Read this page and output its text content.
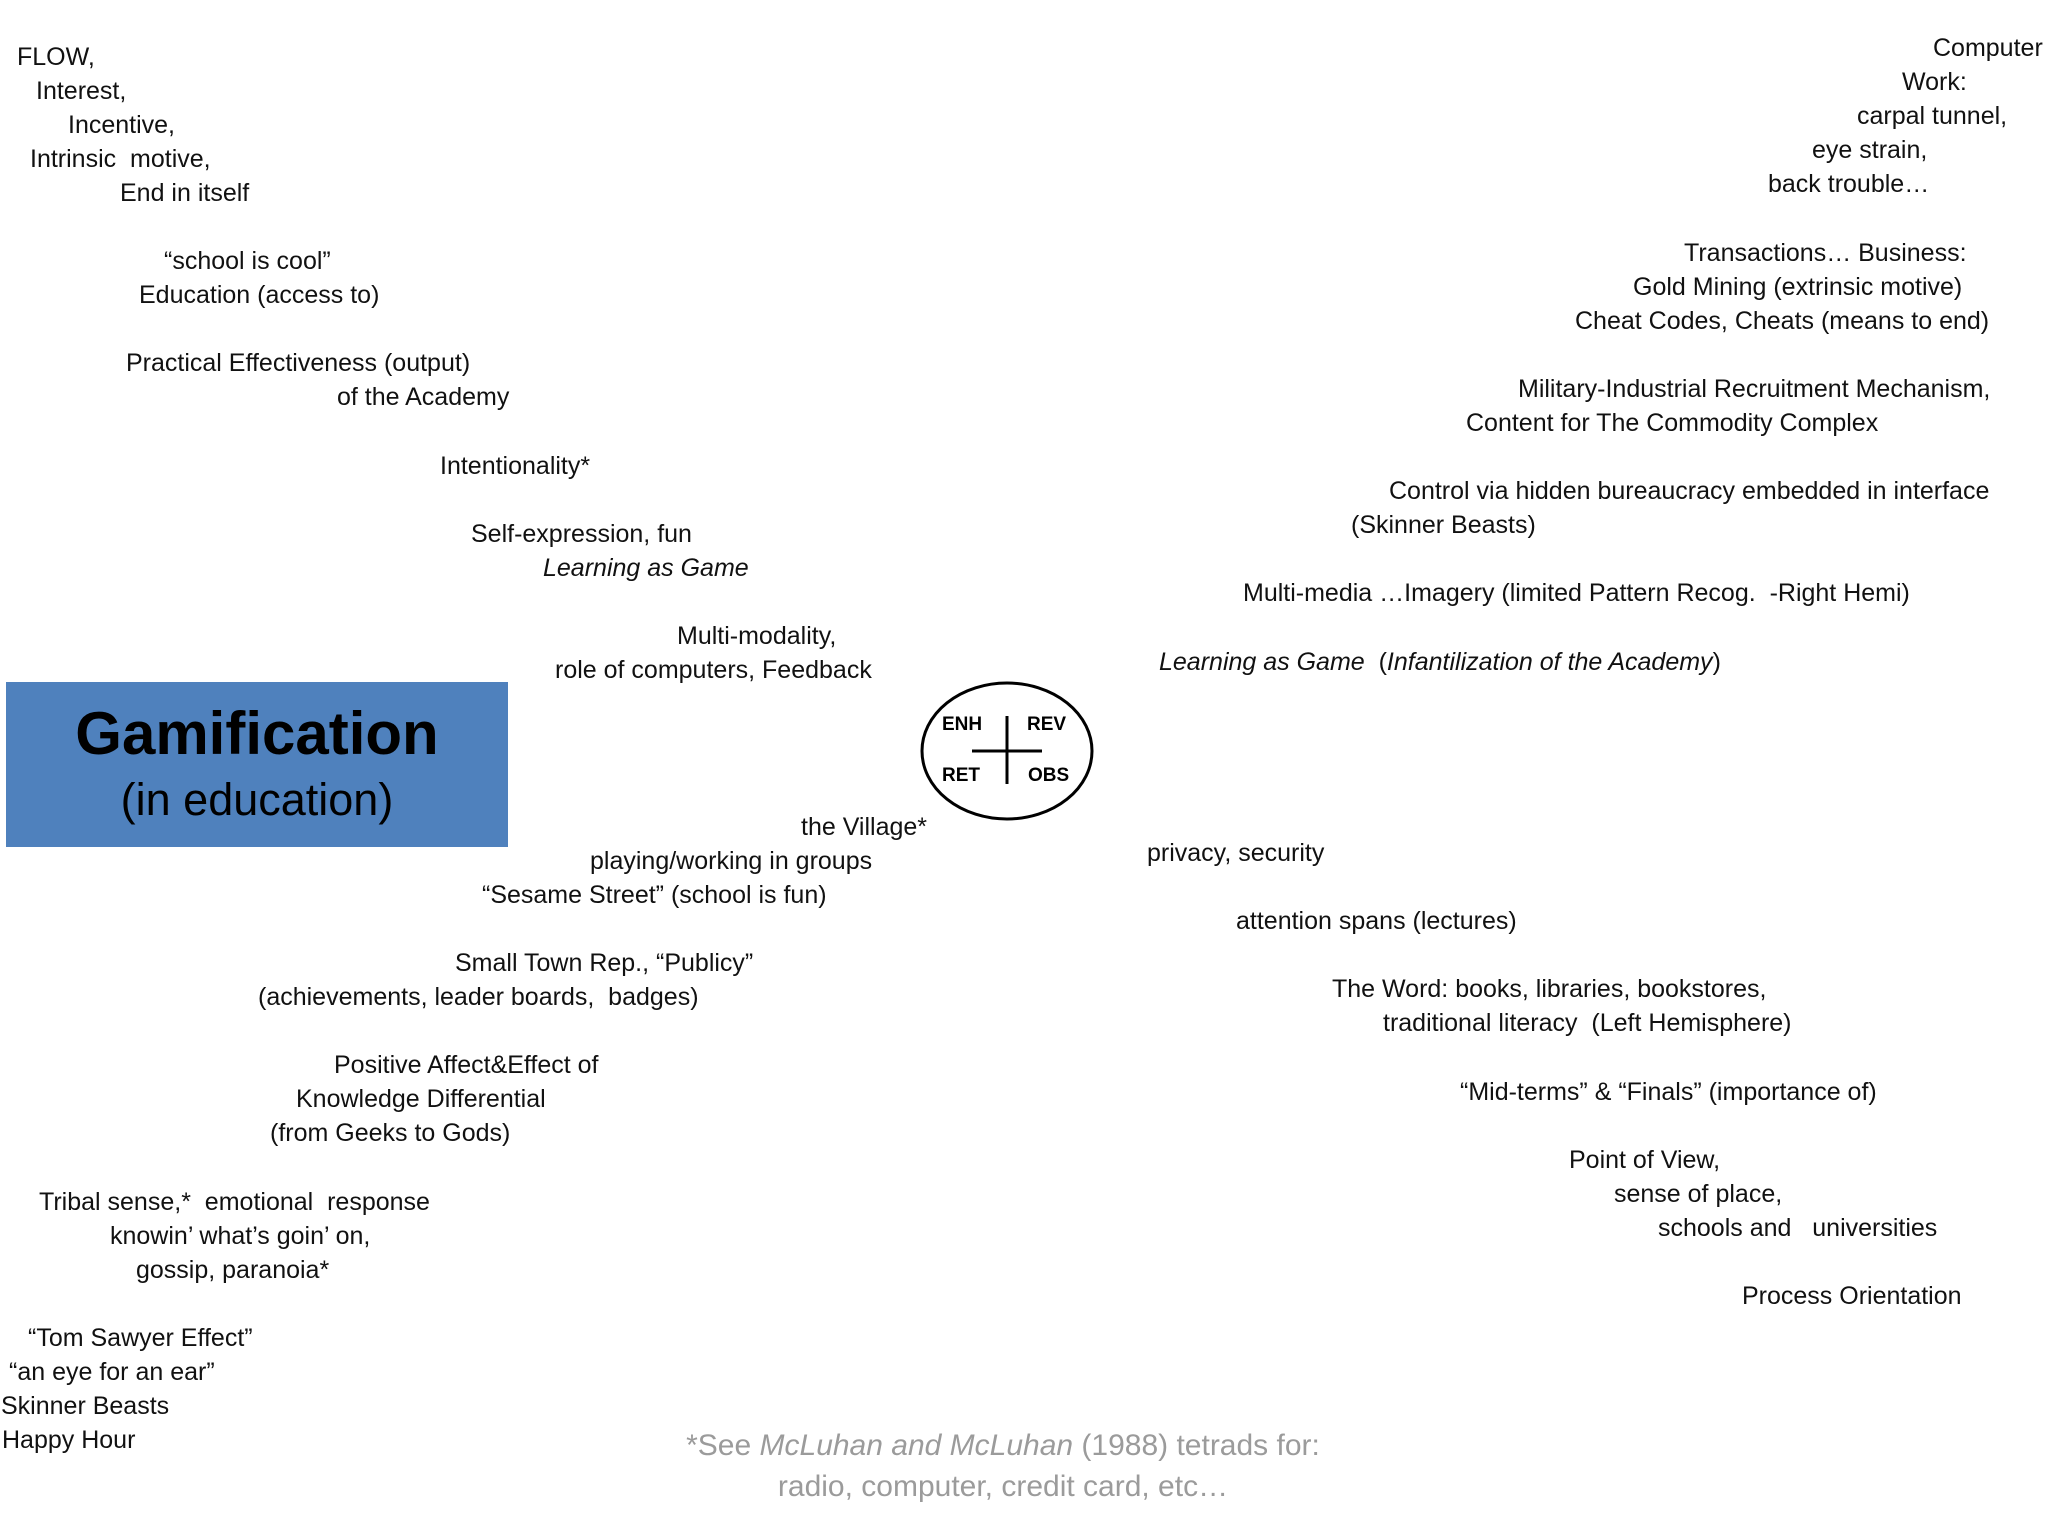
Gamification
(in education)
ENH REV
RET	OBS
FLOW,
Interest,
Incentive,
Intrinsic  motive,
End in itself
“school is cool”
Education (access to)
Practical Effectiveness (output)
of the Academy
Intentionality*
Self-expression, fun
Learning as Game
Multi-modality,
role of computers, Feedback
the Village*
playing/working in groups
“Sesame Street” (school is fun)
Small Town Rep., “Publicy”
(achievements, leader boards,  badges)
Positive Affect&Effect of
Knowledge Differential
(from Geeks to Gods)
Tribal sense,*  emotional  response
knowin’ what’s goin’ on,
gossip, paranoia*
“Tom Sawyer Effect”
“an eye for an ear”
Skinner Beasts
Happy Hour
Computer
Work:
carpal tunnel,
eye strain,
back trouble…
Transactions… Business:
Gold Mining (extrinsic motive)
Cheat Codes, Cheats (means to end)
Military-Industrial Recruitment Mechanism,
Content for The Commodity Complex
Control via hidden bureaucracy embedded in interface
(Skinner Beasts)
Multi-media …Imagery (limited Pattern Recog.  -Right Hemi)
Learning as Game  (Infantilization of the Academy)
privacy, security
attention spans (lectures)
The Word: books, libraries, bookstores,
traditional literacy  (Left Hemisphere)
“Mid-terms” & “Finals” (importance of)
Point of View,
sense of place,
schools and   universities
Process Orientation
*See McLuhan and McLuhan (1988) tetrads for:
radio, computer, credit card, etc…
